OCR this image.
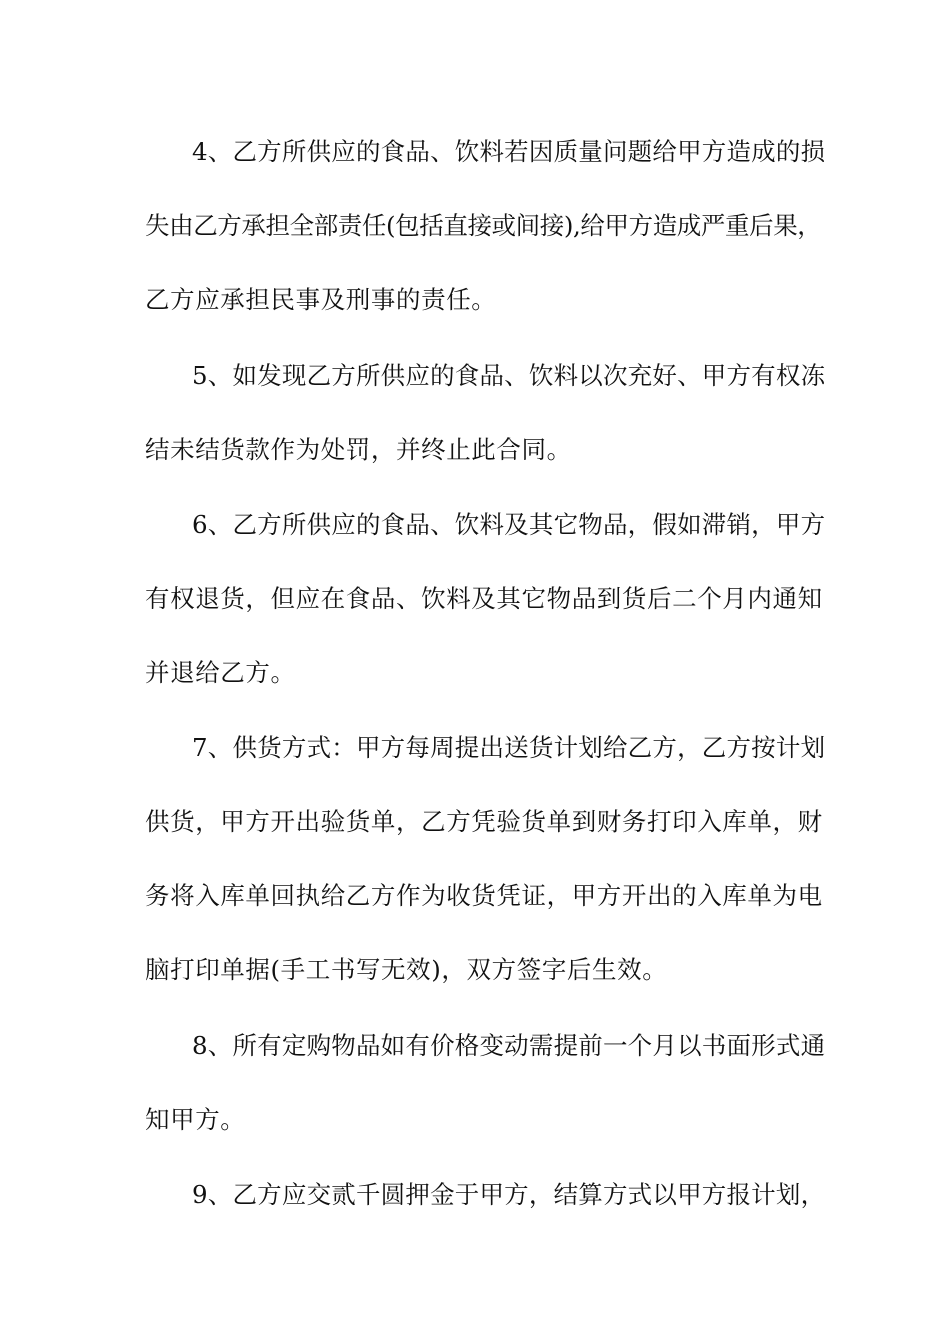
4、乙方所供应的食品、饮料若因质量问题给甲方造成的损
失由乙方承担全部责任(包括直接或间接),给甲方造成严重后果，
乙方应承担民事及刑事的责任。
5、如发现乙方所供应的食品、饮料以次充好、甲方有权冻
结未结货款作为处罚，并终止此合同。
6、乙方所供应的食品、饮料及其它物品，假如滞销，甲方
有权退货，但应在食品、饮料及其它物品到货后二个月内通知
并退给乙方。
7、供货方式：甲方每周提出送货计划给乙方，乙方按计划
供货，甲方开出验货单，乙方凭验货单到财务打印入库单，财
务将入库单回执给乙方作为收货凭证，甲方开出的入库单为电
脑打印单据(手工书写无效)，双方签字后生效。
8、所有定购物品如有价格变动需提前一个月以书面形式通
知甲方。
9、乙方应交贰千圆押金于甲方，结算方式以甲方报计划，
